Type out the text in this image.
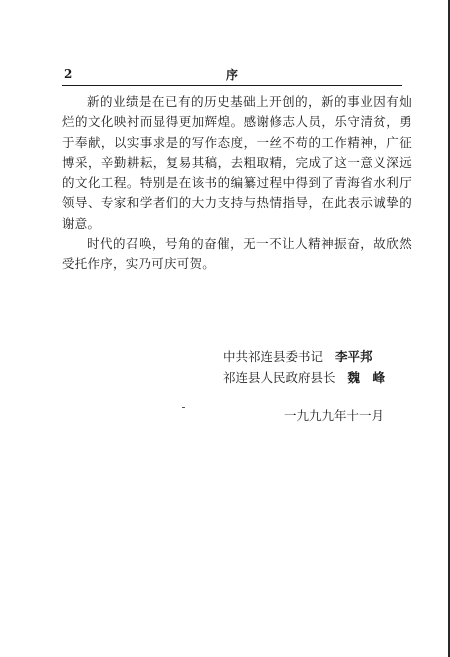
2	序

新的业绩是在已有的历史基础上开创的，新的事业因有灿烂的文化映衬而显得更加辉煌。感谢修志人员，乐守清贫，勇于奉献，以实事求是的写作态度，一丝不苟的工作精神，广征博采，辛勤耕耘，复易其稿，去粗取精，完成了这一意义深远的文化工程。特别是在该书的编纂过程中得到了青海省水利厅领导、专家和学者们的大力支持与热情指导，在此表示诚挚的谢意。

时代的召唤，号角的奋催，无一不让人精神振奋，故欣然受托作序，实乃可庆可贺。

中共祁连县委书记 李平邦
祁连县人民政府县长 魏　峰
一九九九年十一月
